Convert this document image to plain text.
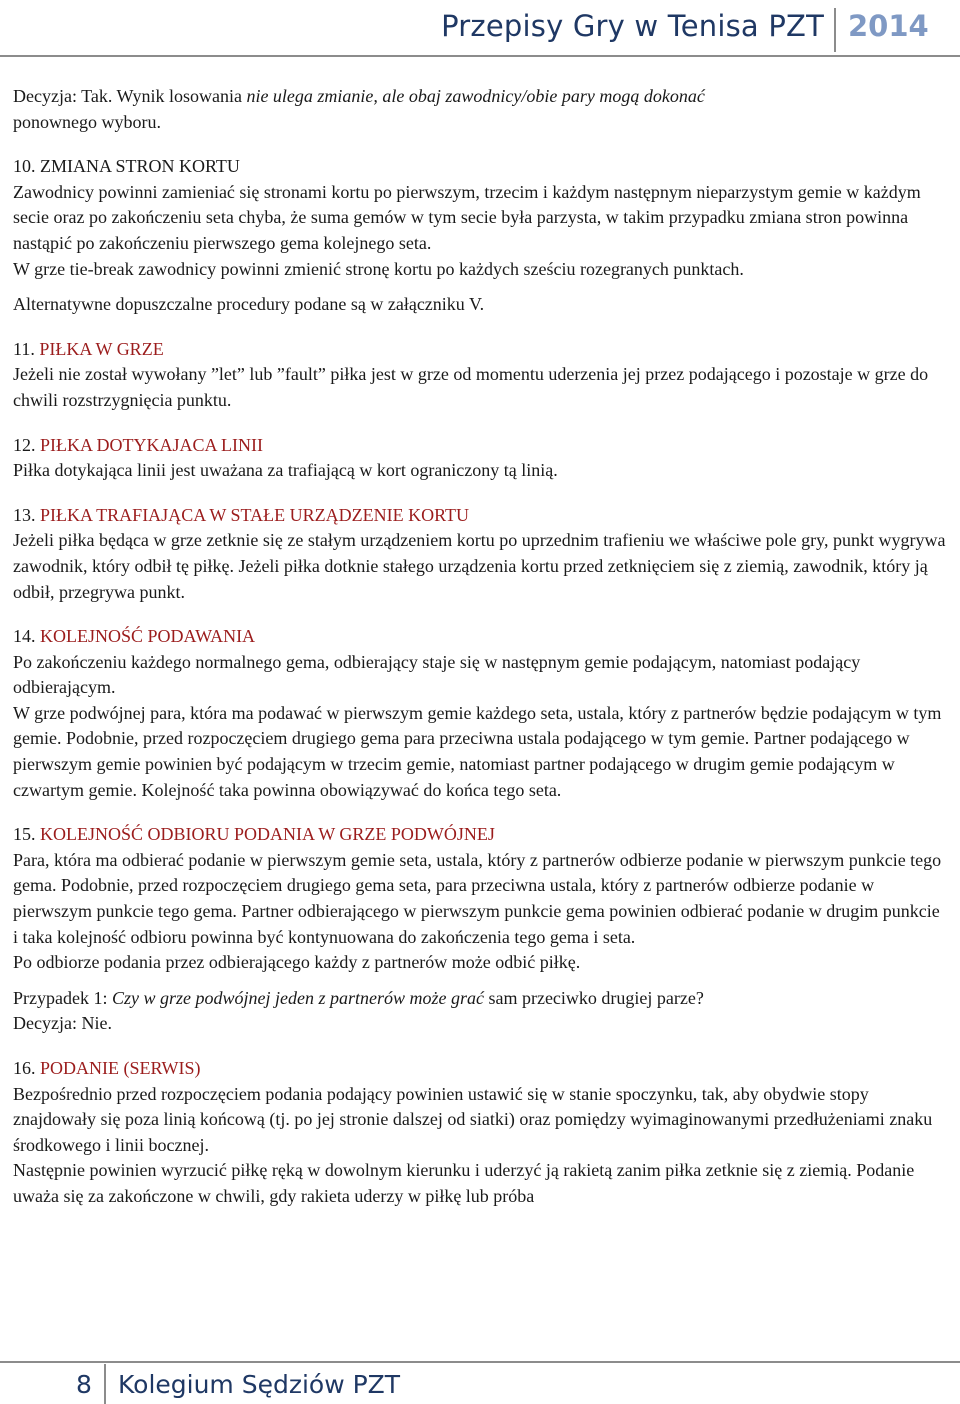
Przepisy Gry w Tenisa PZT 2014

Decyzja: Tak. Wynik losowania nie ulega zmianie, ale obaj zawodnicy/obie pary mogą dokonać
ponownego wyboru.

10. ZMIANA STRON KORTU

Zawodnicy powinni zamieniać się stronami kortu po pierwszym, trzecim i każdym następnym nieparzystym gemie w każdym secie oraz po zakończeniu seta chyba, że suma gemów w tym secie była parzysta, w takim przypadku zmiana stron powinna nastąpić po zakończeniu pierwszego gema kolejnego seta.

W grze tie-break zawodnicy powinni zmienić stronę kortu po każdych sześciu rozegranych punktach.

Alternatywne dopuszczalne procedury podane są w załączniku V.

11. PIŁKA W GRZE

Jeżeli nie został wywołany ˮletˮ lub ˮfaultˮ piłka jest w grze od momentu uderzenia jej przez podającego i pozostaje w grze do chwili rozstrzygnięcia punktu.

12. PIŁKA DOTYKAJACA LINII

Piłka dotykająca linii jest uważana za trafiającą w kort ograniczony tą linią.

13. PIŁKA TRAFIAJĄCA W STAŁE URZĄDZENIE KORTU

Jeżeli piłka będąca w grze zetknie się ze stałym urządzeniem kortu po uprzednim trafieniu we właściwe pole gry, punkt wygrywa zawodnik, który odbił tę piłkę. Jeżeli piłka dotknie stałego urządzenia kortu przed zetknięciem się z ziemią, zawodnik, który ją odbił, przegrywa punkt.

14. KOLEJNOŚĆ PODAWANIA

Po zakończeniu każdego normalnego gema, odbierający staje się w następnym gemie podającym, natomiast podający odbierającym.

W grze podwójnej para, która ma podawać w pierwszym gemie każdego seta, ustala, który z partnerów będzie podającym w tym gemie. Podobnie, przed rozpoczęciem drugiego gema para przeciwna ustala podającego w tym gemie. Partner podającego w pierwszym gemie powinien być podającym w trzecim gemie, natomiast partner podającego w drugim gemie podającym w czwartym gemie. Kolejność taka powinna obowiązywać do końca tego seta.

15. KOLEJNOŚĆ ODBIORU PODANIA W GRZE PODWÓJNEJ

Para, która ma odbierać podanie w pierwszym gemie seta, ustala, który z partnerów odbierze podanie w pierwszym punkcie tego gema. Podobnie, przed rozpoczęciem drugiego gema seta, para przeciwna ustala, który z partnerów odbierze podanie w pierwszym punkcie tego gema. Partner odbierającego w pierwszym punkcie gema powinien odbierać podanie w drugim punkcie i taka kolejność odbioru powinna być kontynuowana do zakończenia tego gema i seta.

Po odbiorze podania przez odbierającego każdy z partnerów może odbić piłkę.

Przypadek 1: Czy w grze podwójnej jeden z partnerów może grać sam przeciwko drugiej parze?

Decyzja: Nie.

16. PODANIE (SERWIS)

Bezpośrednio przed rozpoczęciem podania podający powinien ustawić się w stanie spoczynku, tak, aby obydwie stopy znajdowały się poza linią końcową (tj. po jej stronie dalszej od siatki) oraz pomiędzy wyimaginowanymi przedłużeniami znaku środkowego i linii bocznej.

Następnie powinien wyrzucić piłkę ręką w dowolnym kierunku i uderzyć ją rakietą zanim piłka zetknie się z ziemią. Podanie uważa się za zakończone w chwili, gdy rakieta uderzy w piłkę lub próba

8 Kolegium Sędziów PZT
